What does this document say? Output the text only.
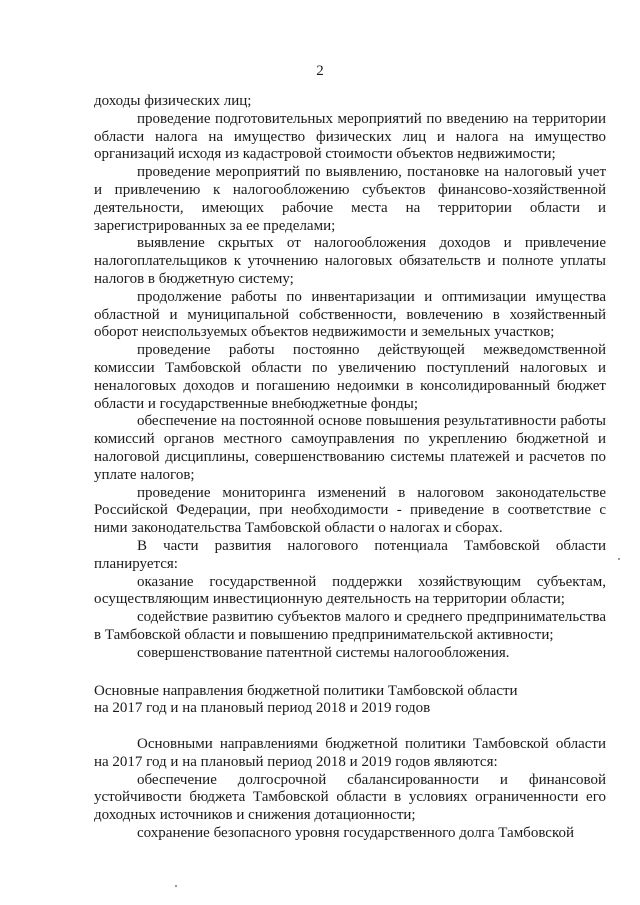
2

доходы физических лиц;

проведение подготовительных мероприятий по введению на территории области налога на имущество физических лиц и налога на имущество организаций исходя из кадастровой стоимости объектов недвижимости;

проведение мероприятий по выявлению, постановке на налоговый учет и привлечению к налогообложению субъектов финансово-хозяйственной деятельности, имеющих рабочие места на территории области и зарегистрированных за ее пределами;

выявление скрытых от налогообложения доходов и привлечение налогоплательщиков к уточнению налоговых обязательств и полноте уплаты налогов в бюджетную систему;

продолжение работы по инвентаризации и оптимизации имущества областной и муниципальной собственности, вовлечению в хозяйственный оборот неиспользуемых объектов недвижимости и земельных участков;

проведение работы постоянно действующей межведомственной комиссии Тамбовской области по увеличению поступлений налоговых и неналоговых доходов и погашению недоимки в консолидированный бюджет области и государственные внебюджетные фонды;

обеспечение на постоянной основе повышения результативности работы комиссий органов местного самоуправления по укреплению бюджетной и налоговой дисциплины, совершенствованию системы платежей и расчетов по уплате налогов;

проведение мониторинга изменений в налоговом законодательстве Российской Федерации, при необходимости - приведение в соответствие с ними законодательства Тамбовской области о налогах и сборах.

В части развития налогового потенциала Тамбовской области планируется:

оказание государственной поддержки хозяйствующим субъектам, осуществляющим инвестиционную деятельность на территории области;

содействие развитию субъектов малого и среднего предпринимательства в Тамбовской области и повышению предпринимательской активности;

совершенствование патентной системы налогообложения.

Основные направления бюджетной политики Тамбовской области
на 2017 год и на плановый период 2018 и 2019 годов

Основными направлениями бюджетной политики Тамбовской области на 2017 год и на плановый период 2018 и 2019 годов являются:

обеспечение долгосрочной сбалансированности и финансовой устойчивости бюджета Тамбовской области в условиях ограниченности его доходных источников и снижения дотационности;

сохранение безопасного уровня государственного долга Тамбовской
